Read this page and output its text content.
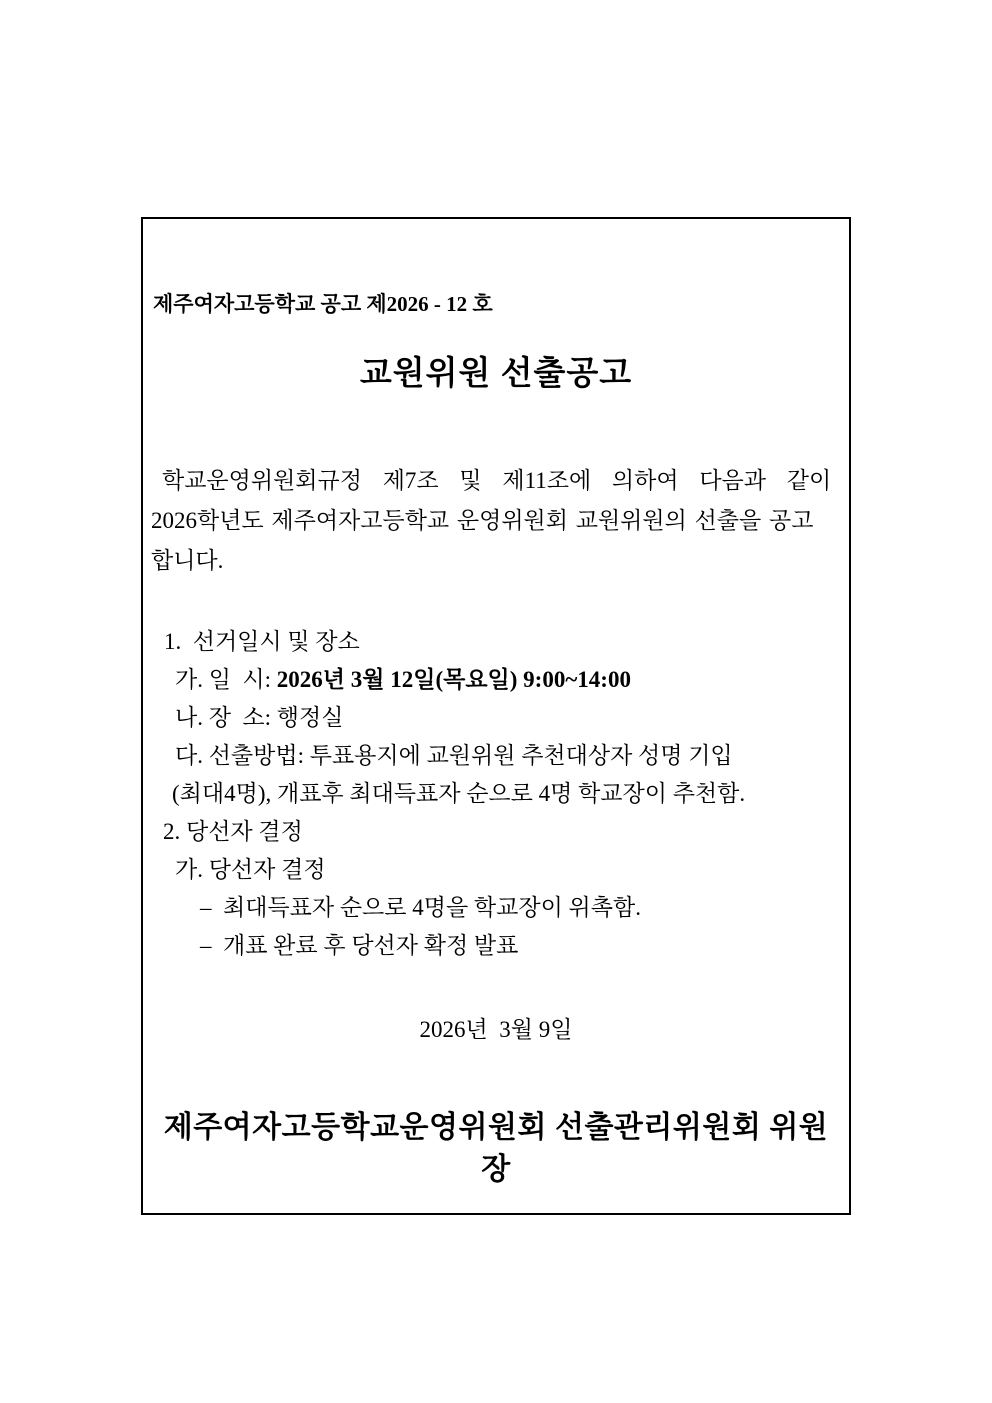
제주여자고등학교 공고 제2026 - 12 호
교원위원 선출공고
학교운영위원회규정 제7조 및 제11조에 의하여 다음과 같이
2026학년도 제주여자고등학교 운영위원회 교원위원의 선출을 공고
합니다.
1.  선거일시 및 장소
가. 일  시: 2026년 3월 12일(목요일) 9:00~14:00
나. 장  소: 행정실
다. 선출방법: 투표용지에 교원위원 추천대상자 성명 기입
(최대4명), 개표후 최대득표자 순으로 4명 학교장이 추천함.
2. 당선자 결정
가. 당선자 결정
–  최대득표자 순으로 4명을 학교장이 위촉함.
–  개표 완료 후 당선자 확정 발표
2026년  3월 9일
제주여자고등학교운영위원회 선출관리위원회 위원장
